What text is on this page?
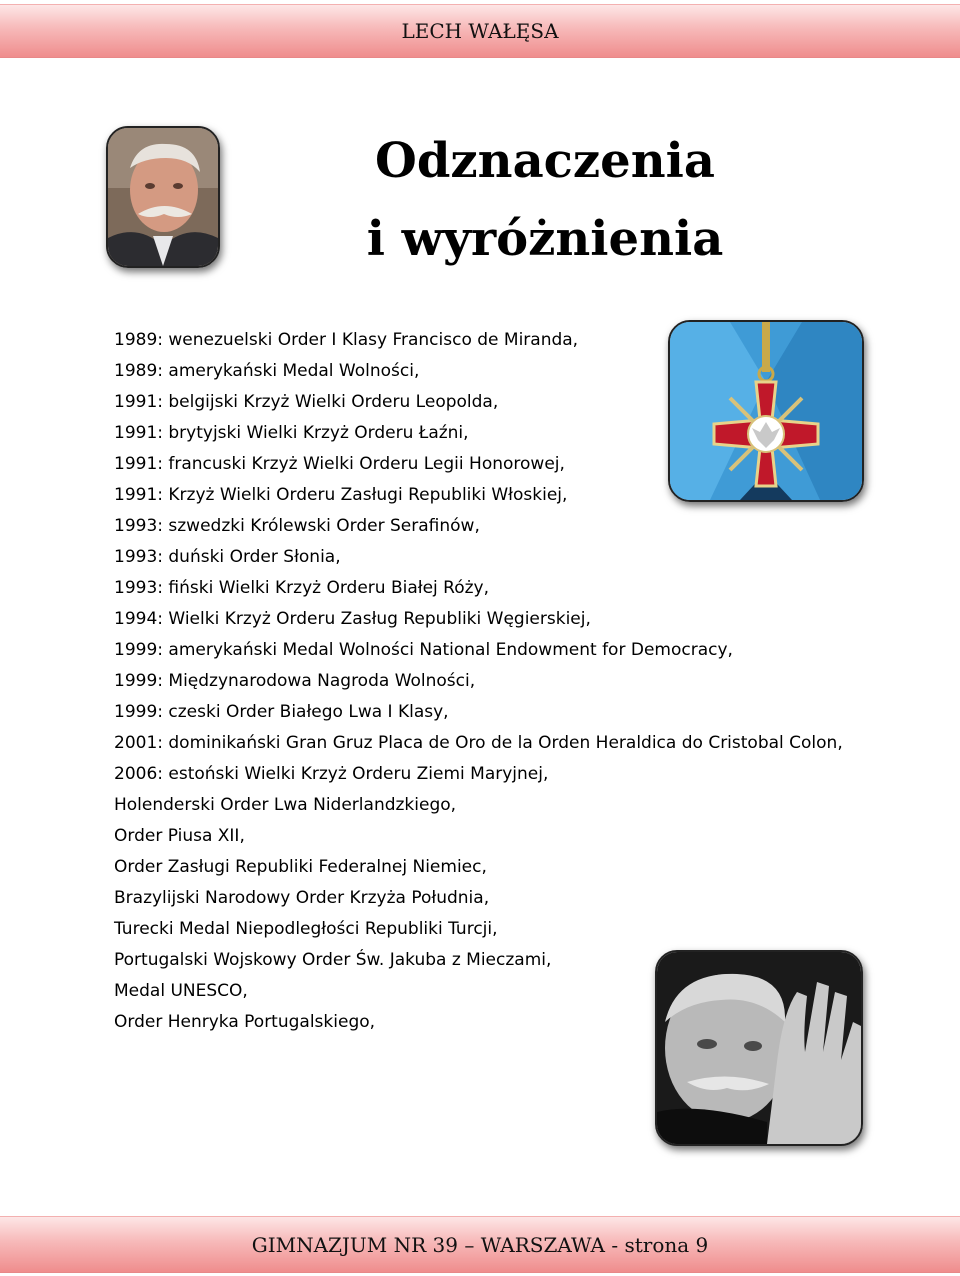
LECH WAŁĘSA
Odznaczenia
i wyróżnienia
1989: wenezuelski Order I Klasy Francisco de Miranda,
1989: amerykański Medal Wolności,
1991: belgijski Krzyż Wielki Orderu Leopolda,
1991: brytyjski Wielki Krzyż Orderu Łaźni,
1991: francuski Krzyż Wielki Orderu Legii Honorowej,
1991: Krzyż Wielki Orderu Zasługi Republiki Włoskiej,
1993: szwedzki Królewski Order Serafinów,
1993: duński Order Słonia,
1993: fiński Wielki Krzyż Orderu Białej Róży,
1994: Wielki Krzyż Orderu Zasług Republiki Węgierskiej,
1999: amerykański Medal Wolności National Endowment for Democracy,
1999: Międzynarodowa Nagroda Wolności,
1999: czeski Order Białego Lwa I Klasy,
2001: dominikański Gran Gruz Placa de Oro de la Orden Heraldica do Cristobal Colon,
2006: estoński Wielki Krzyż Orderu Ziemi Maryjnej,
Holenderski Order Lwa Niderlandzkiego,
Order Piusa XII,
Order Zasługi Republiki Federalnej Niemiec,
Brazylijski Narodowy Order Krzyża Południa,
Turecki Medal Niepodległości Republiki Turcji,
Portugalski Wojskowy Order Św. Jakuba z Mieczami,
Medal UNESCO,
Order Henryka Portugalskiego,
GIMNAZJUM NR 39 – WARSZAWA - strona 9
